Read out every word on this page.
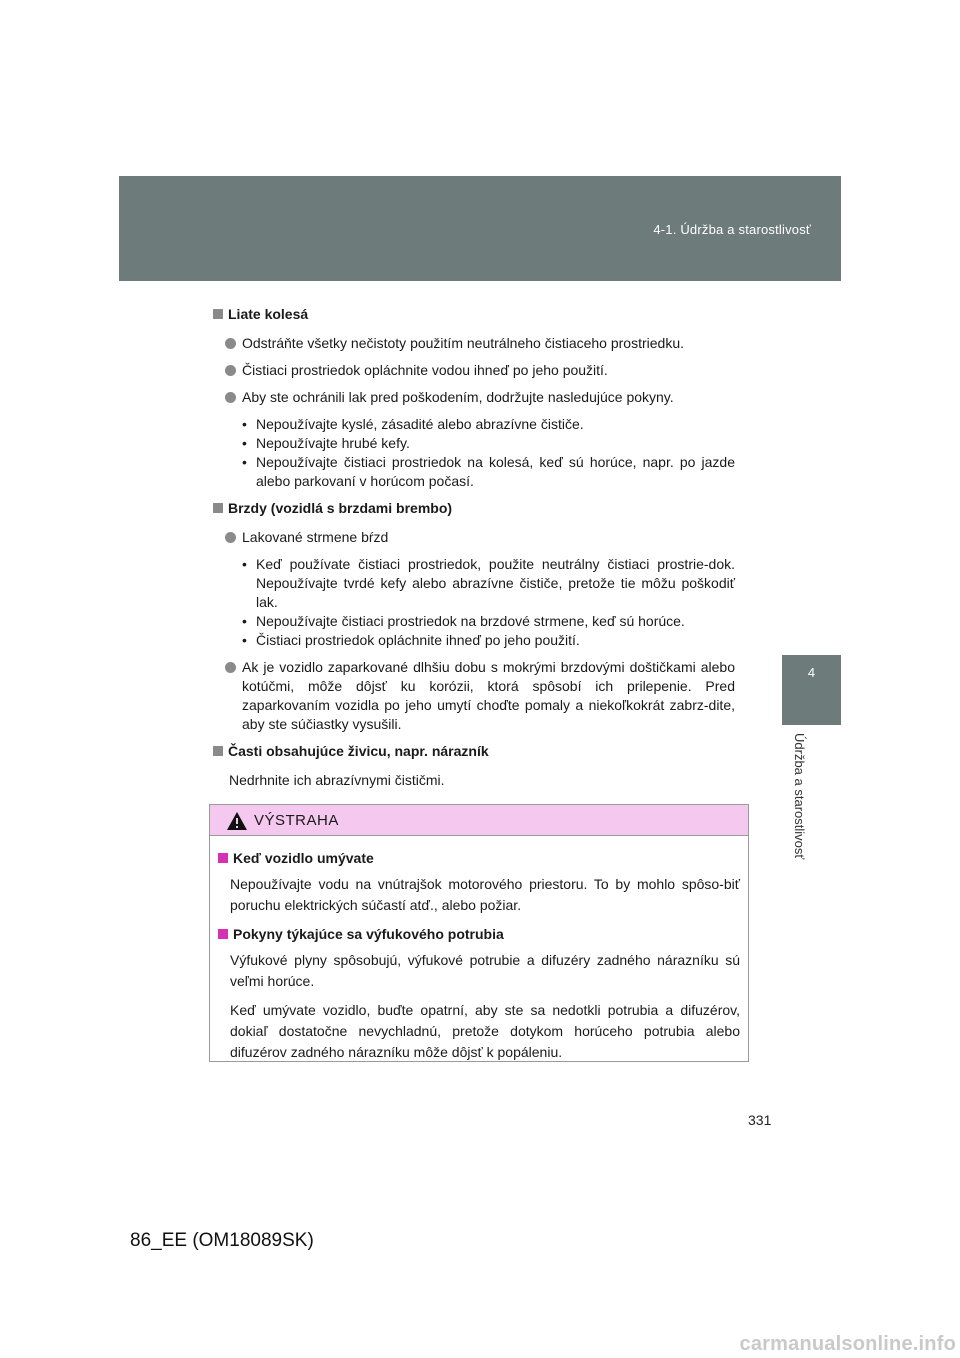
4-1. Údržba a starostlivosť
4
Údržba a starostlivosť
Liate kolesá
Odstráňte všetky nečistoty použitím neutrálneho čistiaceho prostriedku.
Čistiaci prostriedok opláchnite vodou ihneď po jeho použití.
Aby ste ochránili lak pred poškodením, dodržujte nasledujúce pokyny.
• Nepoužívajte kyslé, zásadité alebo abrazívne čističe.
• Nepoužívajte hrubé kefy.
• Nepoužívajte čistiaci prostriedok na kolesá, keď sú horúce, napr. po jazde alebo parkovaní v horúcom počasí.
Brzdy (vozidlá s brzdami brembo)
Lakované strmene bŕzd
• Keď používate čistiaci prostriedok, použite neutrálny čistiaci prostrie-dok. Nepoužívajte tvrdé kefy alebo abrazívne čističe, pretože tie môžu poškodiť lak.
• Nepoužívajte čistiaci prostriedok na brzdové strmene, keď sú horúce.
• Čistiaci prostriedok opláchnite ihneď po jeho použití.
Ak je vozidlo zaparkované dlhšiu dobu s mokrými brzdovými doštičkami alebo kotúčmi, môže dôjsť ku korózii, ktorá spôsobí ich prilepenie. Pred zaparkovaním vozidla po jeho umytí choďte pomaly a niekoľkokrát zabrz-dite, aby ste súčiastky vysušili.
Časti obsahujúce živicu, napr. nárazník
Nedrhnite ich abrazívnymi čističmi.
VÝSTRAHA
Keď vozidlo umývate
Nepoužívajte vodu na vnútrajšok motorového priestoru. To by mohlo spôso-biť poruchu elektrických súčastí atď., alebo požiar.
Pokyny týkajúce sa výfukového potrubia
Výfukové plyny spôsobujú, výfukové potrubie a difuzéry zadného nárazníku sú veľmi horúce.
Keď umývate vozidlo, buďte opatrní, aby ste sa nedotkli potrubia a difuzérov, dokiaľ dostatočne nevychladnú, pretože dotykom horúceho potrubia alebo difuzérov zadného nárazníku môže dôjsť k popáleniu.
331
86_EE (OM18089SK)
carmanualsonline.info
